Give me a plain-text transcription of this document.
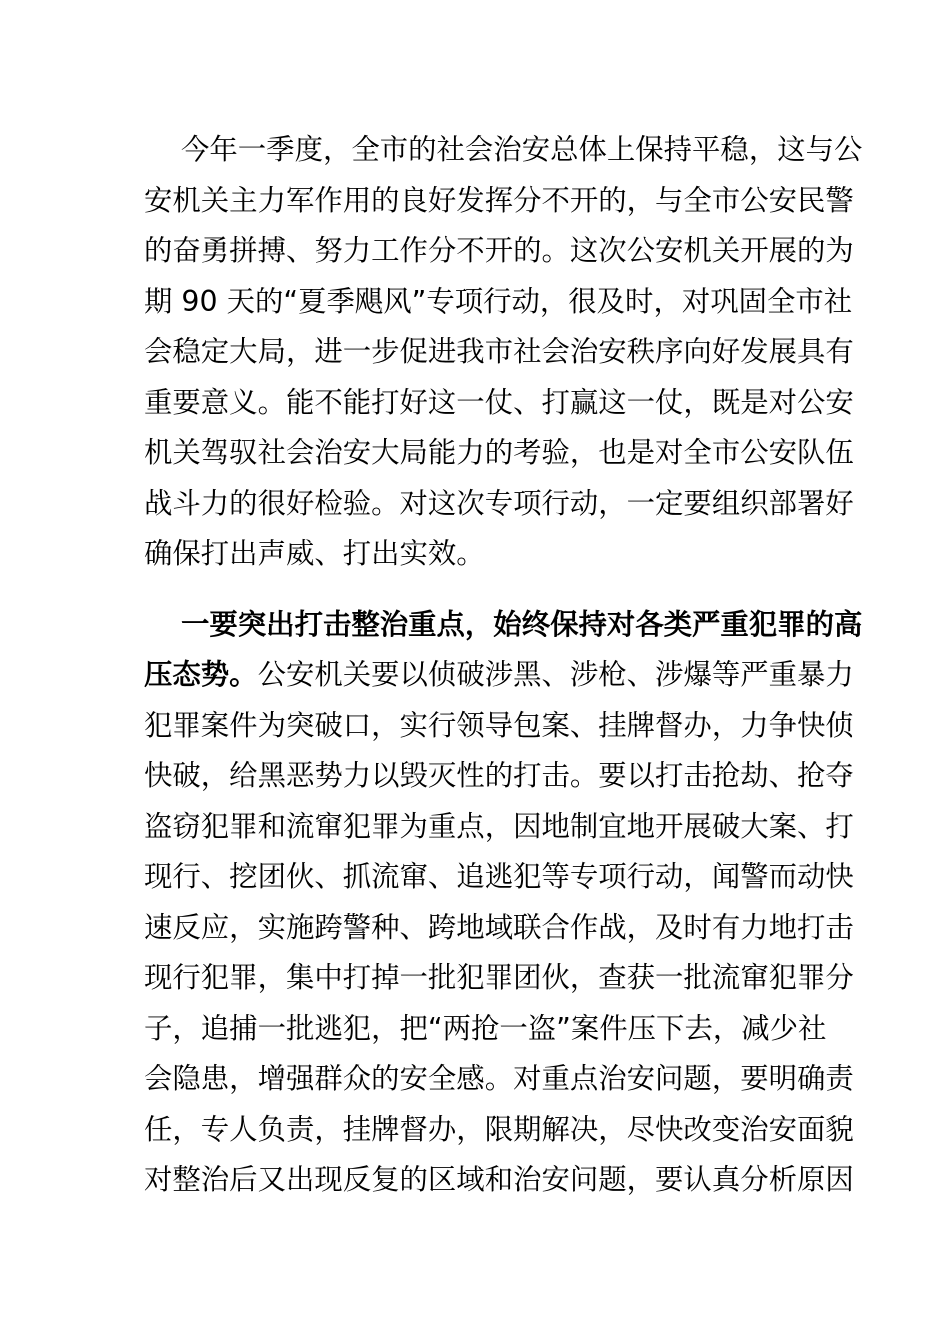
今年一季度，全市的社会治安总体上保持平稳，这与公
安机关主力军作用的良好发挥分不开的，与全市公安民警
的奋勇拼搏、努力工作分不开的。这次公安机关开展的为
期 90 天的“夏季飓风”专项行动，很及时，对巩固全市社
会稳定大局，进一步促进我市社会治安秩序向好发展具有
重要意义。能不能打好这一仗、打赢这一仗，既是对公安
机关驾驭社会治安大局能力的考验，也是对全市公安队伍
战斗力的很好检验。对这次专项行动，一定要组织部署好
确保打出声威、打出实效。
一要突出打击整治重点，始终保持对各类严重犯罪的高
压态势。公安机关要以侦破涉黑、涉枪、涉爆等严重暴力
犯罪案件为突破口，实行领导包案、挂牌督办，力争快侦
快破，给黑恶势力以毁灭性的打击。要以打击抢劫、抢夺
盗窃犯罪和流窜犯罪为重点，因地制宜地开展破大案、打
现行、挖团伙、抓流窜、追逃犯等专项行动，闻警而动快
速反应，实施跨警种、跨地域联合作战，及时有力地打击
现行犯罪，集中打掉一批犯罪团伙，查获一批流窜犯罪分
子，追捕一批逃犯，把“两抢一盗”案件压下去，减少社
会隐患，增强群众的安全感。对重点治安问题，要明确责
任，专人负责，挂牌督办，限期解决，尽快改变治安面貌
对整治后又出现反复的区域和治安问题，要认真分析原因
